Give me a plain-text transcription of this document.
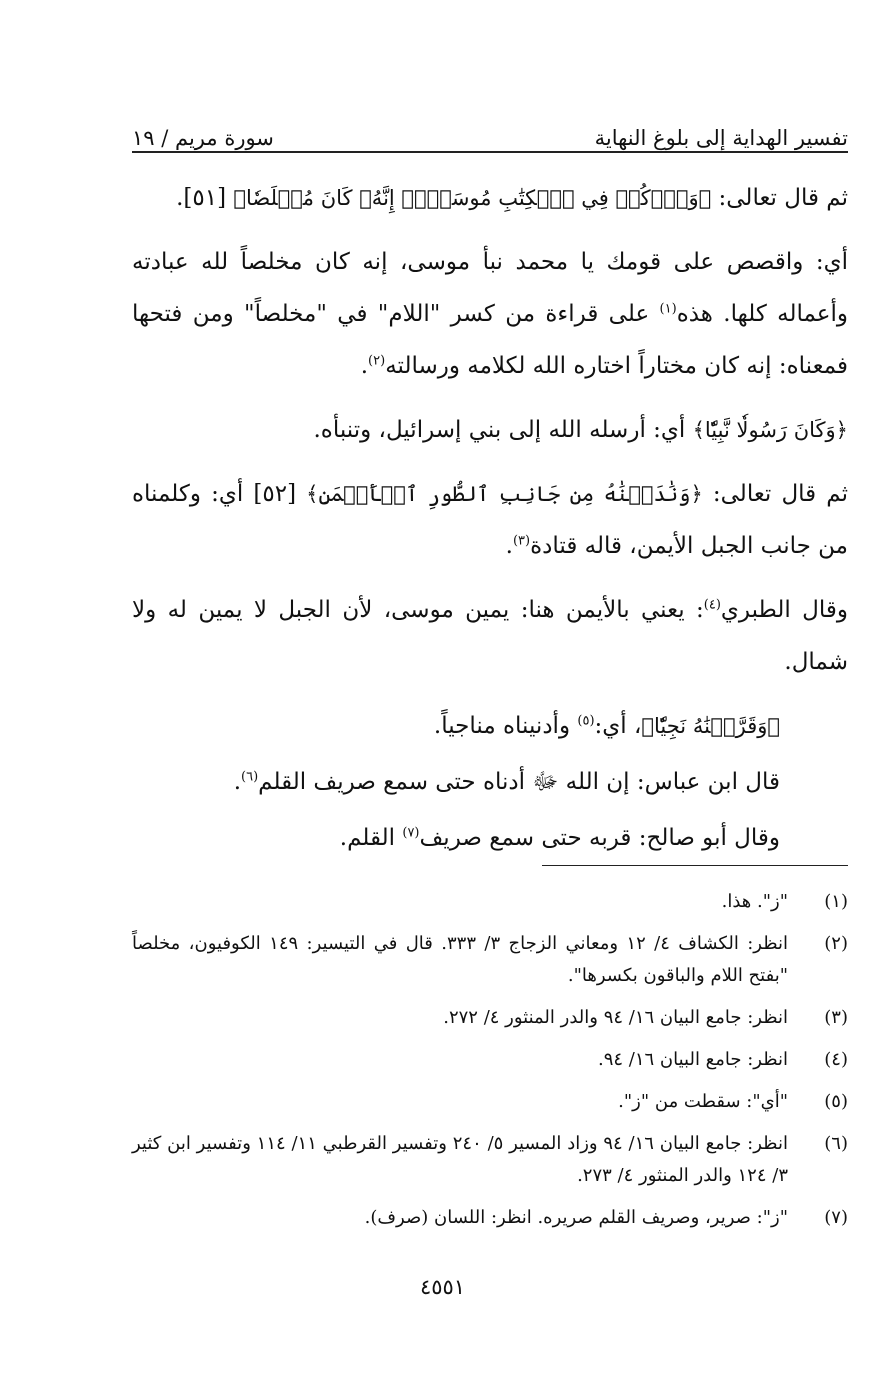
تفسير الهداية إلى بلوغ النهاية
سورة مريم / ١٩

ثم قال تعالى: ﴿وَٱذۡكُرۡ فِي ٱلۡكِتَٰبِ مُوسَىٰٓۚ إِنَّهُۥ كَانَ مُخۡلَصٗا﴾ [٥١].

أي: واقصص على قومك يا محمد نبأ موسى، إنه كان مخلصاً لله عبادته وأعماله كلها. هذه$^{(١)}$ على قراءة من كسر "اللام" في "مخلصاً" ومن فتحها فمعناه: إنه كان مختاراً اختاره الله لكلامه ورسالته$^{(٢)}$.

﴿وَكَانَ رَسُولٗا نَّبِيّٗا﴾ أي: أرسله الله إلى بني إسرائيل، وتنبأه.

ثم قال تعالى: ﴿وَنَٰدَيۡنَٰهُ مِن جَانِبِ ٱلطُّورِ ٱلۡأَيۡمَنِ﴾ [٥٢] أي: وكلمناه من جانب الجبل الأيمن، قاله قتادة$^{(٣)}$.

وقال الطبري$^{(٤)}$: يعني بالأيمن هنا: يمين موسى، لأن الجبل لا يمين له ولا شمال.

﴿وَقَرَّبۡنَٰهُ نَجِيّٗا﴾، أي:$^{(٥)}$ وأدنيناه مناجياً.

قال ابن عباس: إن الله ﷻ أدناه حتى سمع صريف القلم$^{(٦)}$.

وقال أبو صالح: قربه حتى سمع صريف$^{(٧)}$ القلم.

(١)
"ز". هذا.
(٢)
انظر: الكشاف ٤/ ١٢ ومعاني الزجاج ٣/ ٣٣٣. قال في التيسير: ١٤٩ الكوفيون، مخلصاً "بفتح اللام والباقون بكسرها".
(٣)
انظر: جامع البيان ١٦/ ٩٤ والدر المنثور ٤/ ٢٧٢.
(٤)
انظر: جامع البيان ١٦/ ٩٤.
(٥)
"أي": سقطت من "ز".
(٦)
انظر: جامع البيان ١٦/ ٩٤ وزاد المسير ٥/ ٢٤٠ وتفسير القرطبي ١١/ ١١٤ وتفسير ابن كثير ٣/ ١٢٤ والدر المنثور ٤/ ٢٧٣.
(٧)
"ز": صرير، وصريف القلم صريره. انظر: اللسان (صرف).
٤٥٥١
